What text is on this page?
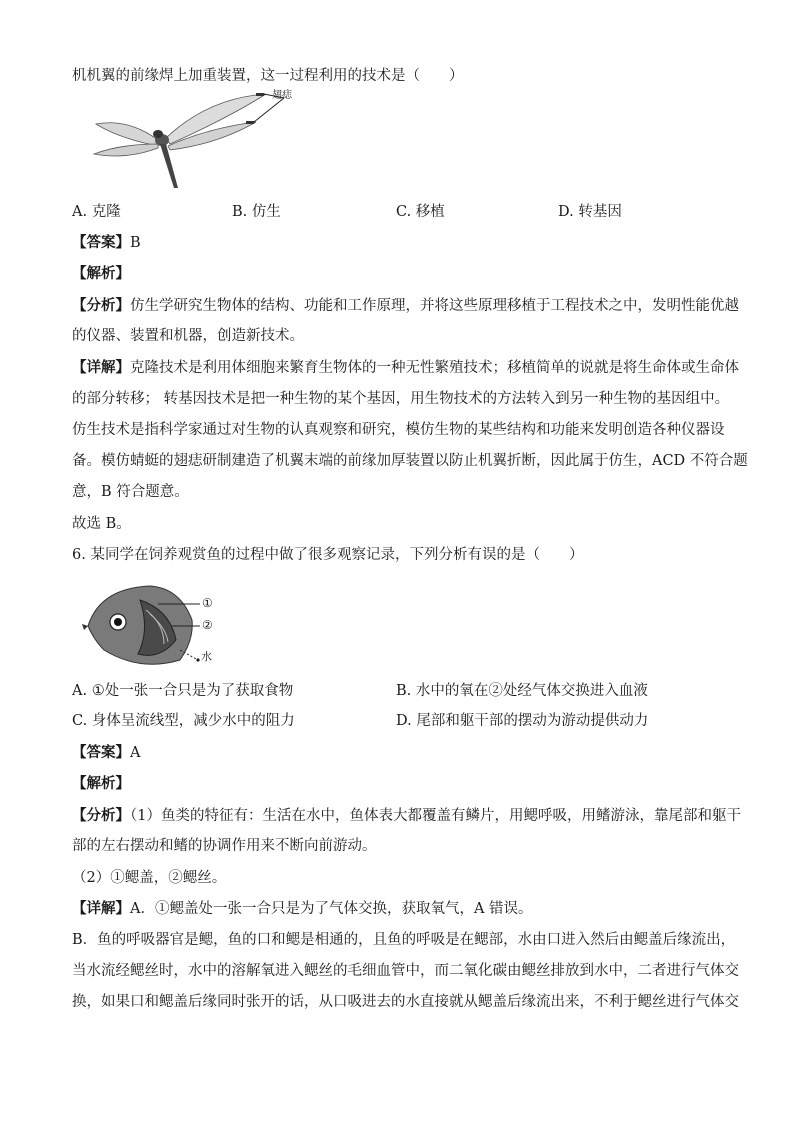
机机翼的前缘焊上加重装置，这一过程利用的技术是（　　）
翅痣
A. 克隆	B. 仿生	C. 移植	D. 转基因
【答案】B
【解析】
【分析】仿生学研究生物体的结构、功能和工作原理，并将这些原理移植于工程技术之中，发明性能优越
的仪器、装置和机器，创造新技术。
【详解】克隆技术是利用体细胞来繁育生物体的一种无性繁殖技术；移植简单的说就是将生命体或生命体
的部分转移； 转基因技术是把一种生物的某个基因，用生物技术的方法转入到另一种生物的基因组中。
仿生技术是指科学家通过对生物的认真观察和研究，模仿生物的某些结构和功能来发明创造各种仪器设
备。模仿蜻蜓的翅痣研制建造了机翼末端的前缘加厚装置以防止机翼折断，因此属于仿生，ACD 不符合题
意，B 符合题意。
故选 B。
6. 某同学在饲养观赏鱼的过程中做了很多观察记录，下列分析有误的是（　　）
①
②
水
A. ①处一张一合只是为了获取食物	B. 水中的氧在②处经气体交换进入血液
C. 身体呈流线型，减少水中的阻力	D. 尾部和躯干部的摆动为游动提供动力
【答案】A
【解析】
【分析】（1）鱼类的特征有：生活在水中，鱼体表大都覆盖有鳞片，用鳃呼吸，用鳍游泳，靠尾部和躯干
部的左右摆动和鳍的协调作用来不断向前游动。
（2）①鳃盖，②鳃丝。
【详解】A．①鳃盖处一张一合只是为了气体交换，获取氧气，A 错误。
B．鱼的呼吸器官是鳃，鱼的口和鳃是相通的，且鱼的呼吸是在鳃部，水由口进入然后由鳃盖后缘流出，
当水流经鳃丝时，水中的溶解氧进入鳃丝的毛细血管中，而二氧化碳由鳃丝排放到水中，二者进行气体交
换，如果口和鳃盖后缘同时张开的话，从口吸进去的水直接就从鳃盖后缘流出来，不利于鳃丝进行气体交
